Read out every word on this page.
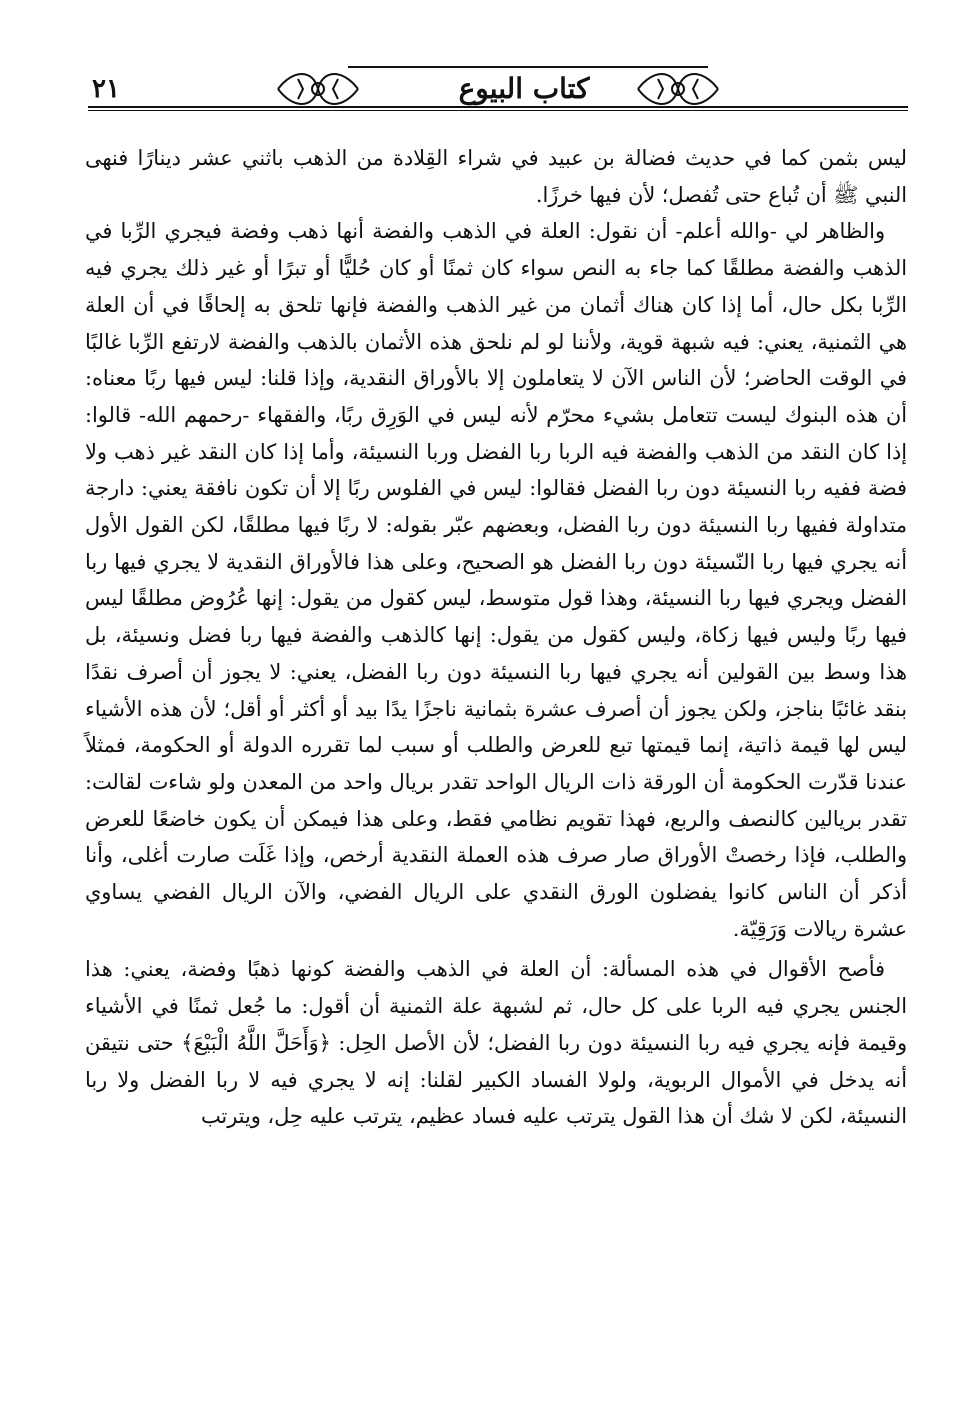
٢١	كتاب البيوع

ليس بثمن كما في حديث فضالة بن عبيد في شراء القِلادة من الذهب باثني عشر دينارًا فنهى النبي ﷺ أن تُباع حتى تُفصل؛ لأن فيها خرزًا.

والظاهر لي -والله أعلم- أن نقول: العلة في الذهب والفضة أنها ذهب وفضة فيجري الرِّبا في الذهب والفضة مطلقًا كما جاء به النص سواء كان ثمنًا أو كان حُليًّا أو تبرًا أو غير ذلك يجري فيه الرِّبا بكل حال، أما إذا كان هناك أثمان من غير الذهب والفضة فإنها تلحق به إلحاقًا في أن العلة هي الثمنية، يعني: فيه شبهة قوية، ولأننا لو لم نلحق هذه الأثمان بالذهب والفضة لارتفع الرِّبا غالبًا في الوقت الحاضر؛ لأن الناس الآن لا يتعاملون إلا بالأوراق النقدية، وإذا قلنا: ليس فيها ربًا معناه: أن هذه البنوك ليست تتعامل بشيء محرّم لأنه ليس في الوَرِق ربًا، والفقهاء -رحمهم الله- قالوا: إذا كان النقد من الذهب والفضة فيه الربا ربا الفضل وربا النسيئة، وأما إذا كان النقد غير ذهب ولا فضة ففيه ربا النسيئة دون ربا الفضل فقالوا: ليس في الفلوس ربًا إلا أن تكون نافقة يعني: دارجة متداولة ففيها ربا النسيئة دون ربا الفضل، وبعضهم عبّر بقوله: لا ربًا فيها مطلقًا، لكن القول الأول أنه يجري فيها ربا النّسيئة دون ربا الفضل هو الصحيح، وعلى هذا فالأوراق النقدية لا يجري فيها ربا الفضل ويجري فيها ربا النسيئة، وهذا قول متوسط، ليس كقول من يقول: إنها عُرُوض مطلقًا ليس فيها ربًا وليس فيها زكاة، وليس كقول من يقول: إنها كالذهب والفضة فيها ربا فضل ونسيئة، بل هذا وسط بين القولين أنه يجري فيها ربا النسيئة دون ربا الفضل، يعني: لا يجوز أن أصرف نقدًا بنقد غائبًا بناجز، ولكن يجوز أن أصرف عشرة بثمانية ناجزًا يدًا بيد أو أكثر أو أقل؛ لأن هذه الأشياء ليس لها قيمة ذاتية، إنما قيمتها تبع للعرض والطلب أو سبب لما تقرره الدولة أو الحكومة، فمثلاً عندنا قدّرت الحكومة أن الورقة ذات الريال الواحد تقدر بريال واحد من المعدن ولو شاءت لقالت: تقدر بريالين كالنصف والربع، فهذا تقويم نظامي فقط، وعلى هذا فيمكن أن يكون خاضعًا للعرض والطلب، فإذا رخصتْ الأوراق صار صرف هذه العملة النقدية أرخص، وإذا غَلَت صارت أغلى، وأنا أذكر أن الناس كانوا يفضلون الورق النقدي على الريال الفضي، والآن الريال الفضي يساوي عشرة ريالات وَرَقِيّة.

فأصح الأقوال في هذه المسألة: أن العلة في الذهب والفضة كونها ذهبًا وفضة، يعني: هذا الجنس يجري فيه الربا على كل حال، ثم لشبهة علة الثمنية أن أقول: ما جُعل ثمنًا في الأشياء وقيمة فإنه يجري فيه ربا النسيئة دون ربا الفضل؛ لأن الأصل الحِل: ﴿وَأَحَلَّ اللَّهُ الْبَيْعَ﴾ حتى نتيقن أنه يدخل في الأموال الربوية، ولولا الفساد الكبير لقلنا: إنه لا يجري فيه لا ربا الفضل ولا ربا النسيئة، لكن لا شك أن هذا القول يترتب عليه فساد عظيم، يترتب عليه حِل، ويترتب
